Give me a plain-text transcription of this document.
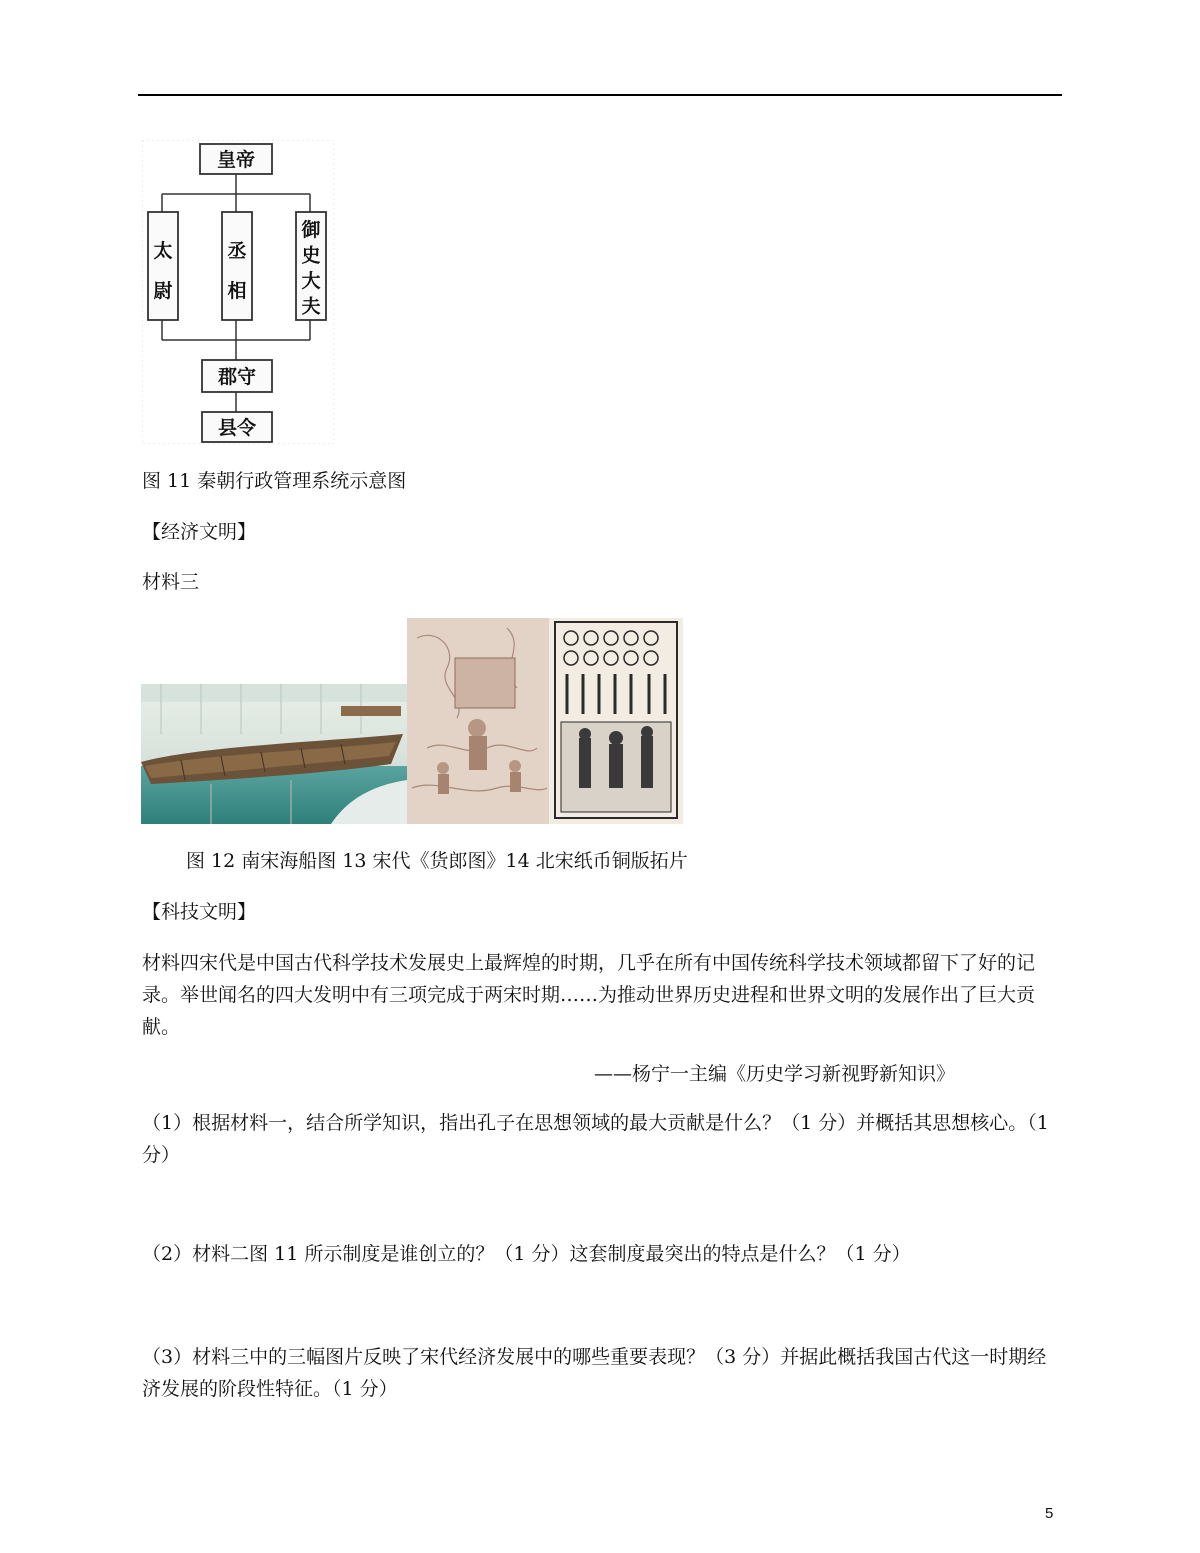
皇帝
太尉
丞相
御史大夫
郡守
县令
图 11 秦朝行政管理系统示意图
【经济文明】
材料三
图 12 南宋海船图 13 宋代《货郎图》14 北宋纸币铜版拓片
【科技文明】
材料四宋代是中国古代科学技术发展史上最辉煌的时期，几乎在所有中国传统科学技术领域都留下了好的记录。举世闻名的四大发明中有三项完成于两宋时期……为推动世界历史进程和世界文明的发展作出了巨大贡献。
——杨宁一主编《历史学习新视野新知识》
（1）根据材料一，结合所学知识，指出孔子在思想领域的最大贡献是什么？（1 分）并概括其思想核心。（1 分）
（2）材料二图 11 所示制度是谁创立的？（1 分）这套制度最突出的特点是什么？（1 分）
（3）材料三中的三幅图片反映了宋代经济发展中的哪些重要表现？（3 分）并据此概括我国古代这一时期经济发展的阶段性特征。（1 分）
5
